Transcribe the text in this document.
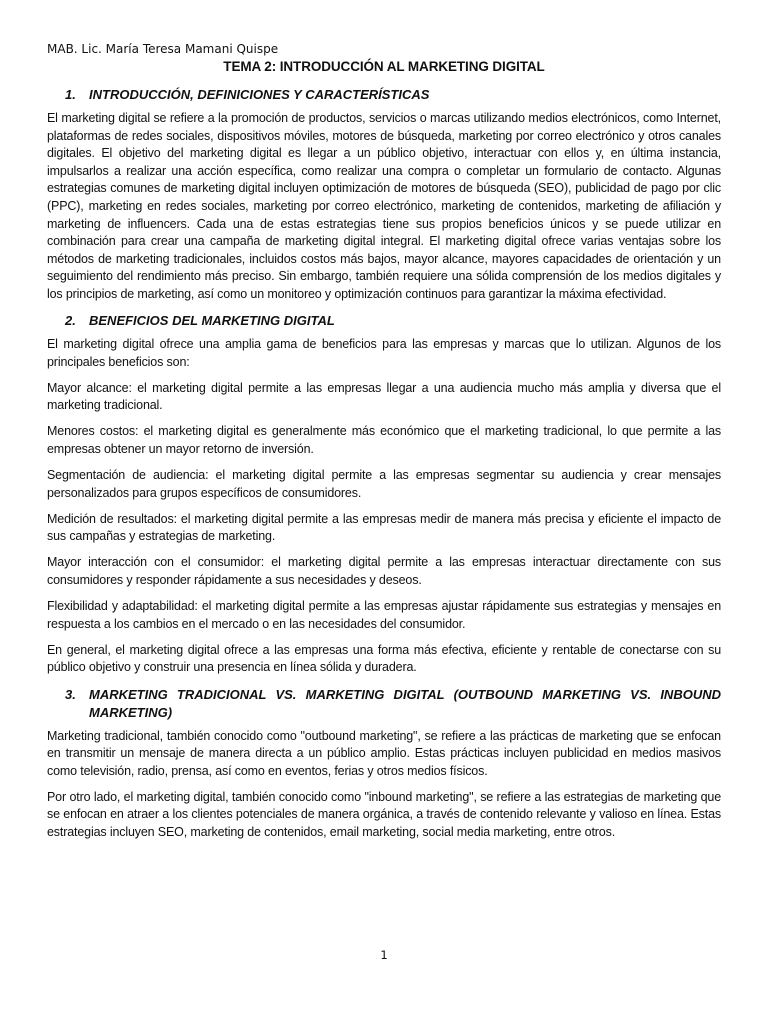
MAB. Lic. María Teresa Mamani Quispe
TEMA 2: INTRODUCCIÓN AL MARKETING DIGITAL
1.	INTRODUCCIÓN, DEFINICIONES Y CARACTERÍSTICAS

El marketing digital se refiere a la promoción de productos, servicios o marcas utilizando medios electrónicos, como Internet, plataformas de redes sociales, dispositivos móviles, motores de búsqueda, marketing por correo electrónico y otros canales digitales. El objetivo del marketing digital es llegar a un público objetivo, interactuar con ellos y, en última instancia, impulsarlos a realizar una acción específica, como realizar una compra o completar un formulario de contacto. Algunas estrategias comunes de marketing digital incluyen optimización de motores de búsqueda (SEO), publicidad de pago por clic (PPC), marketing en redes sociales, marketing por correo electrónico, marketing de contenidos, marketing de afiliación y marketing de influencers. Cada una de estas estrategias tiene sus propios beneficios únicos y se puede utilizar en combinación para crear una campaña de marketing digital integral. El marketing digital ofrece varias ventajas sobre los métodos de marketing tradicionales, incluidos costos más bajos, mayor alcance, mayores capacidades de orientación y un seguimiento del rendimiento más preciso. Sin embargo, también requiere una sólida comprensión de los medios digitales y los principios de marketing, así como un monitoreo y optimización continuos para garantizar la máxima efectividad.

2.	BENEFICIOS DEL MARKETING DIGITAL

El marketing digital ofrece una amplia gama de beneficios para las empresas y marcas que lo utilizan. Algunos de los principales beneficios son:

Mayor alcance: el marketing digital permite a las empresas llegar a una audiencia mucho más amplia y diversa que el marketing tradicional.

Menores costos: el marketing digital es generalmente más económico que el marketing tradicional, lo que permite a las empresas obtener un mayor retorno de inversión.

Segmentación de audiencia: el marketing digital permite a las empresas segmentar su audiencia y crear mensajes personalizados para grupos específicos de consumidores.

Medición de resultados: el marketing digital permite a las empresas medir de manera más precisa y eficiente el impacto de sus campañas y estrategias de marketing.

Mayor interacción con el consumidor: el marketing digital permite a las empresas interactuar directamente con sus consumidores y responder rápidamente a sus necesidades y deseos.

Flexibilidad y adaptabilidad: el marketing digital permite a las empresas ajustar rápidamente sus estrategias y mensajes en respuesta a los cambios en el mercado o en las necesidades del consumidor.

En general, el marketing digital ofrece a las empresas una forma más efectiva, eficiente y rentable de conectarse con su público objetivo y construir una presencia en línea sólida y duradera.

3.	MARKETING TRADICIONAL VS. MARKETING DIGITAL (OUTBOUND MARKETING VS. INBOUND MARKETING)

Marketing tradicional, también conocido como "outbound marketing", se refiere a las prácticas de marketing que se enfocan en transmitir un mensaje de manera directa a un público amplio. Estas prácticas incluyen publicidad en medios masivos como televisión, radio, prensa, así como en eventos, ferias y otros medios físicos.

Por otro lado, el marketing digital, también conocido como "inbound marketing", se refiere a las estrategias de marketing que se enfocan en atraer a los clientes potenciales de manera orgánica, a través de contenido relevante y valioso en línea. Estas estrategias incluyen SEO, marketing de contenidos, email marketing, social media marketing, entre otros.

1
